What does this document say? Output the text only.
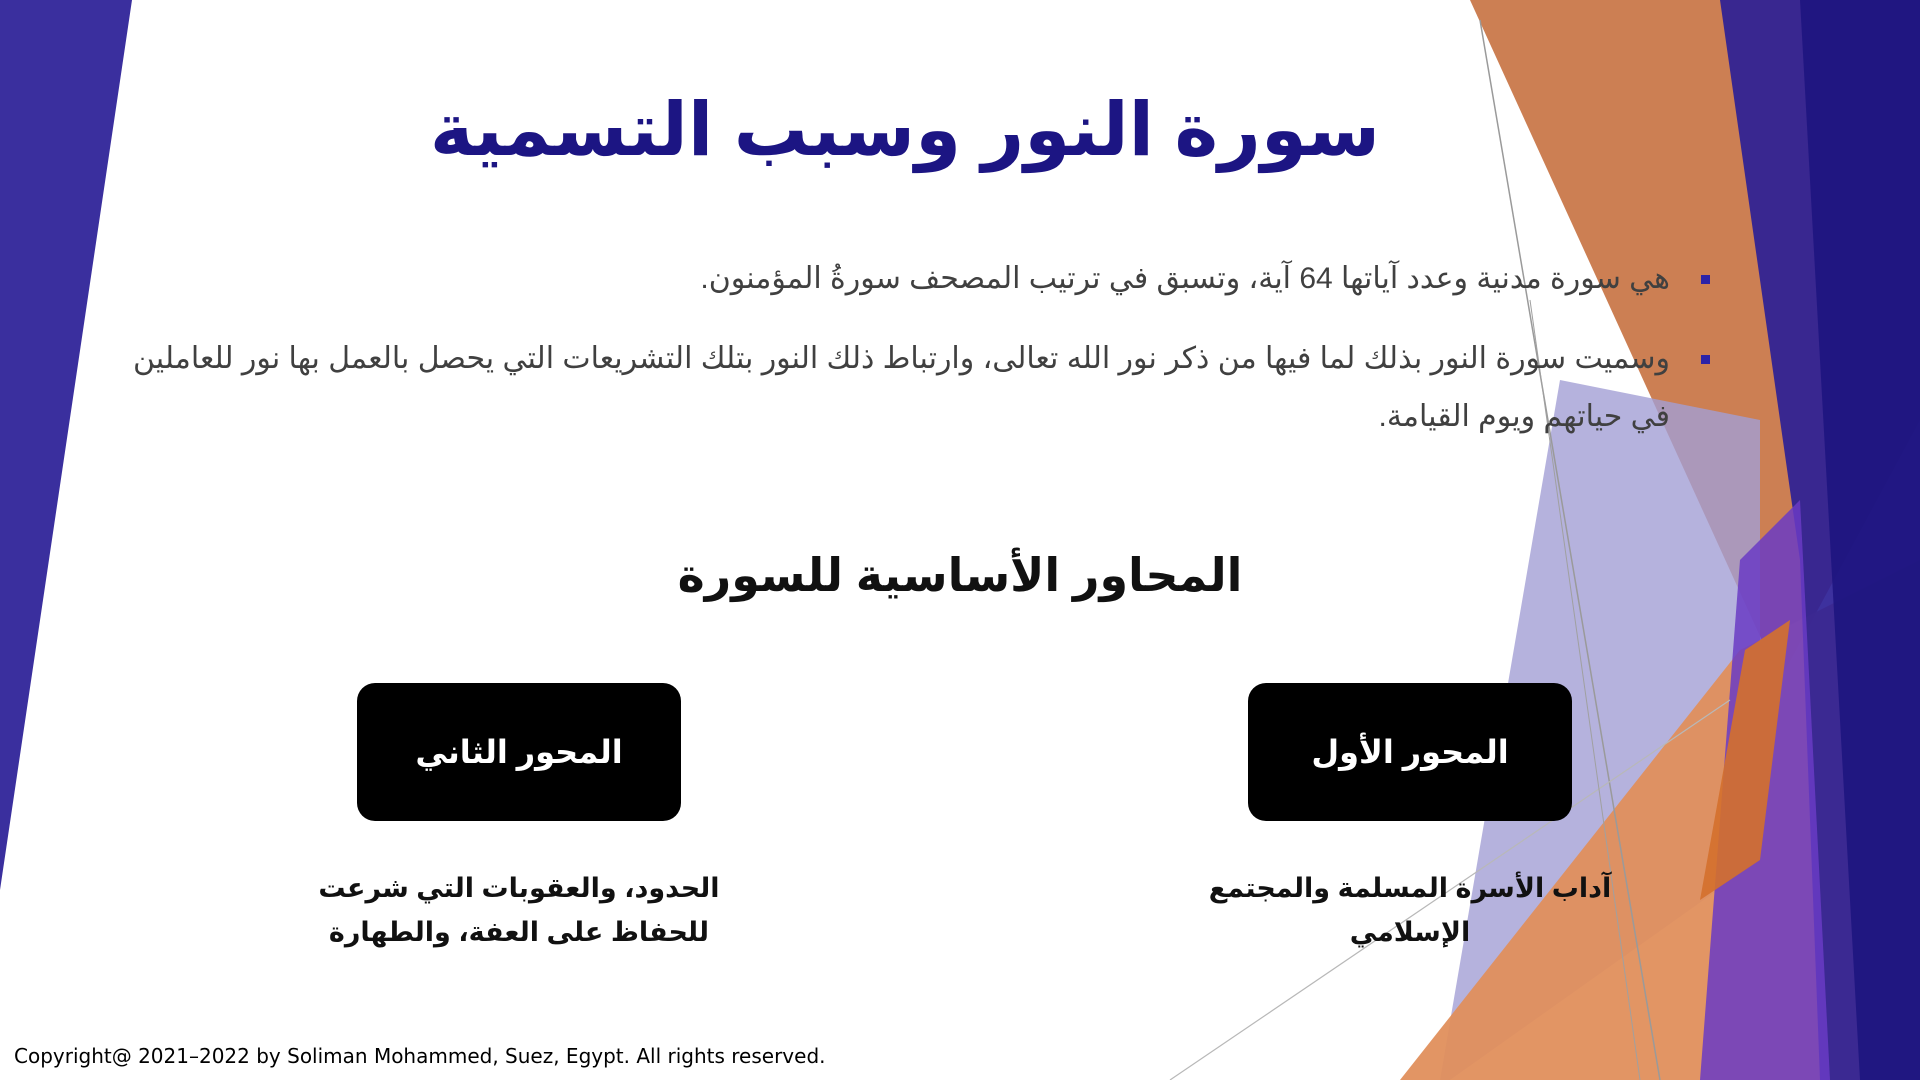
سورة النور وسبب التسمية
هي سورة مدنية وعدد آياتها 64 آية، وتسبق في ترتيب المصحف سورةُ المؤمنون.
وسميت سورة النور بذلك لما فيها من ذكر نور الله تعالى، وارتباط ذلك النور بتلك التشريعات التي يحصل بالعمل بها نور للعاملين في حياتهم ويوم القيامة.
المحاور الأساسية للسورة
المحور الأول
المحور الثاني
آداب الأسرة المسلمة والمجتمع الإسلامي
الحدود، والعقوبات التي شرعت للحفاظ على العفة، والطهارة
Copyright@ 2021–2022 by Soliman Mohammed, Suez, Egypt. All rights reserved.
